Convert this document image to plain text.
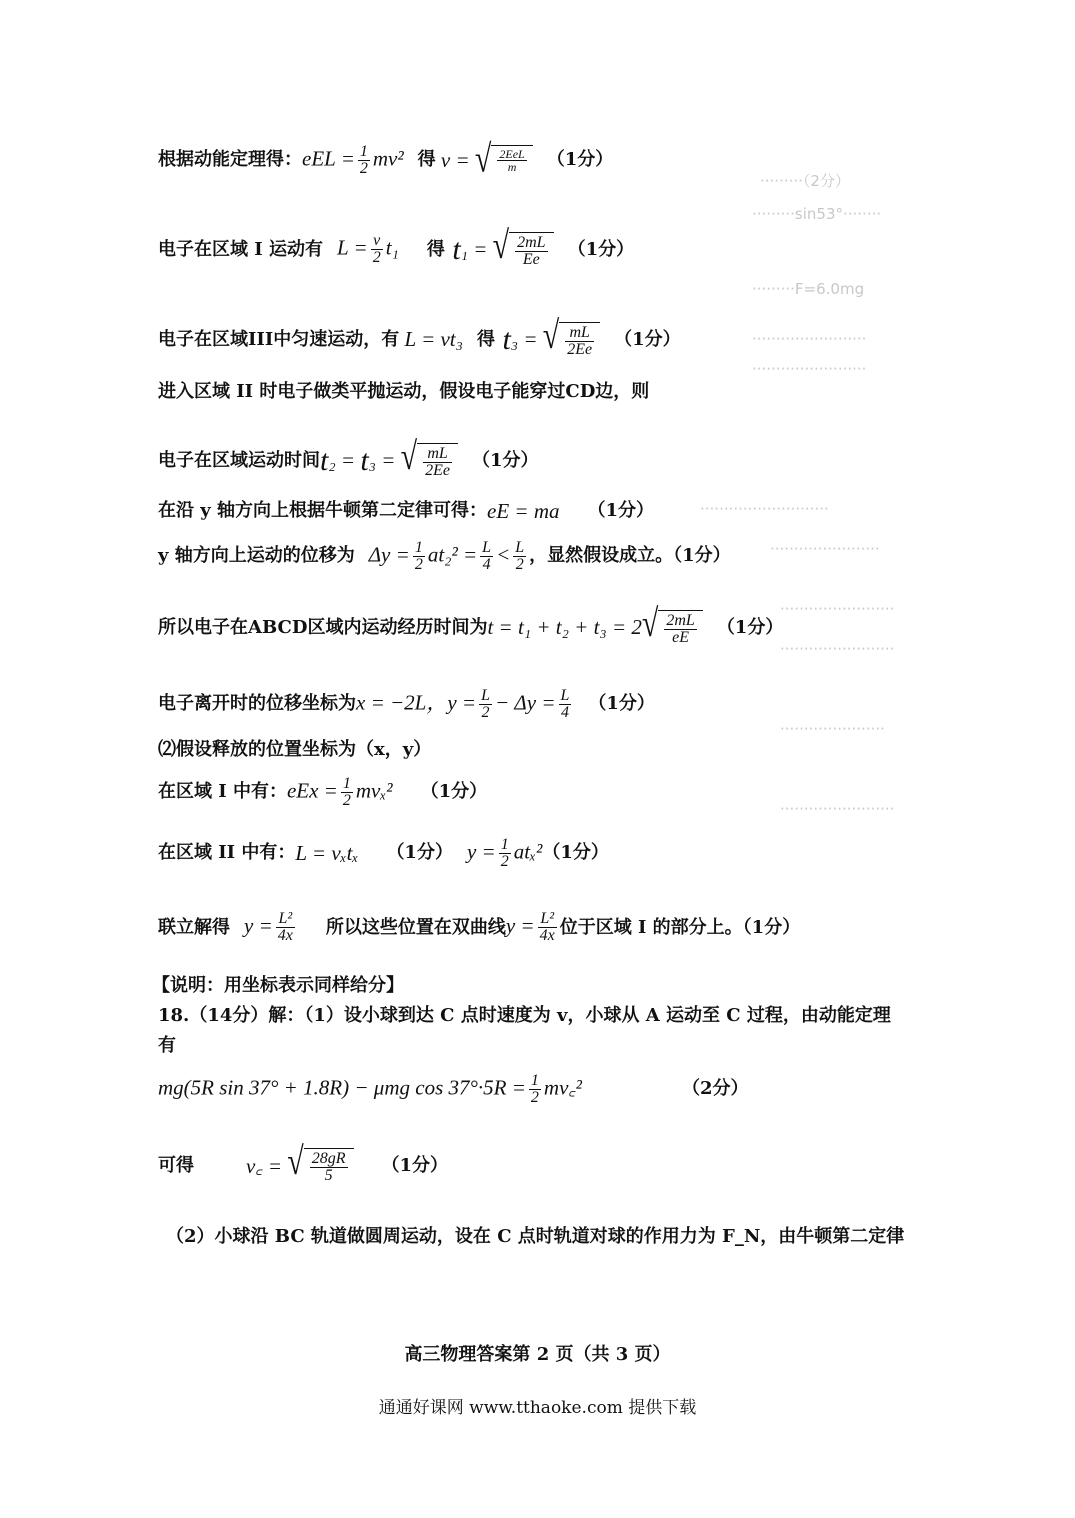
·········（2分）
·········sin53°········
·········F=6.0mg
························
························
···························
·······················
························
························
······················
························
根据动能定理得： eEL = $\frac{1}{2} mv^2$ 得 v = √ $\frac{\text{2EeL}}{m} (1$分）
电子在区域 I 运动有 $L = \frac{v}{2} t_1$ 得 t ₁ = √ $\frac{2mL}{Ee} (1$分）
电子在区域III中匀速运动，有 L = vt₃ 得 t ₃ = √ $\frac{mL}{2Ee} (1$分）
进入区域 II 时电子做类平抛运动，假设电子能穿过CD边，则
电子在区域运动时间 t ₂ = t ₃ = √ $\frac{mL}{2Ee} (1$分）
在沿 y 轴方向上根据牛顿第二定律可得： eE = ma （1分）
y 轴方向上运动的位移为 $\Delta y = \frac{1}{2} at_2^2 = \frac{L}{4} < \frac{L}{2}$ ，显然假设成立。（1分）
所以电子在ABCD区域内运动经历时间为 t = t₁ + t₂ + t₃ = 2 √ $\frac{2mL}{eE} (1$分）
电子离开时的位移坐标为 x = −2L，$y = \frac{L}{2} - \Delta y = \frac{L}{4} (1$分）
⑵假设释放的位置坐标为（x，y）
在区域 I 中有： eEx = $\frac{1}{2} mv_x^2$ （1分）
在区域 II 中有： L = vₓtₓ （1分） $y = \frac{1}{2} at_x^2$ （1分）
联立解得 $y = \frac{\text{L²}}{4x}$ 所以这些位置在双曲线 $y = \frac{\text{L²}}{4x}$ 位于区域 I 的部分上。（1分）
【说明：用坐标表示同样给分】
18.（14分）解：（1）设小球到达 C 点时速度为 v，小球从 A 运动至 C 过程，由动能定理
有
mg(5R sin 37° + 1.8R) − μmg $\cos 37^\circ\cdot 5R = \frac{1}{2}$ mv꜀²	（2分）
可得 v꜀ = √ $\frac{28gR}{5} (1$分）
（2）小球沿 BC 轨道做圆周运动，设在 C 点时轨道对球的作用力为 F_N，由牛顿第二定律
高三物理答案第 2 页（共 3 页）
通通好课网 www.tthaoke.com 提供下载
